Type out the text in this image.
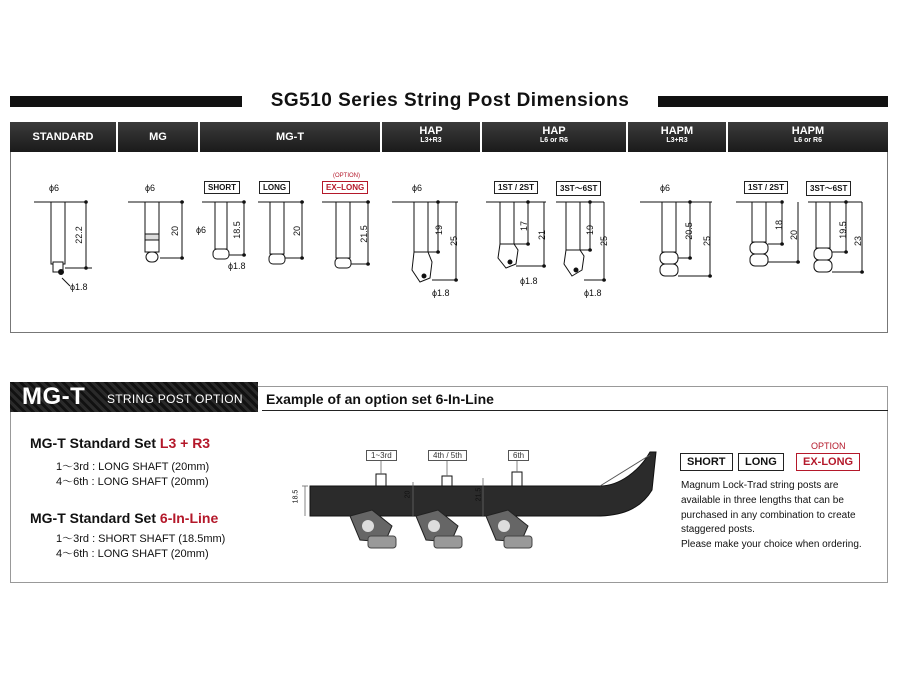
SG510 Series String Post Dimensions
STANDARD	MG	MG-T	HAP
L3+R3
HAP
L6 or R6
HAPM
L3+R3
HAPM
L6 or R6
ϕ6
22.2
ϕ1.8
ϕ6
20
SHORT	LONG
(OPTION)
EX–LONG
ϕ6	18.5
ϕ1.8
20	21.5
ϕ6
19
25
ϕ1.8
1ST / 2ST	3ST～6ST
17
21	19
25
ϕ1.8
ϕ1.8
ϕ6
20.5
25
1ST / 2ST	3ST～6ST
18
20	19.5
23
MG-T STRING POST OPTION Example of an option set 6-In-Line
MG-T Standard Set L3 + R3
1～3rd : LONG SHAFT (20mm)
4～6th : LONG SHAFT (20mm)
MG-T Standard Set 6-In-Line
1～3rd : SHORT SHAFT (18.5mm)
4～6th : LONG SHAFT (20mm)
1~3rd	4th / 5th	6th
18.5	20	21.5
OPTION
SHORT	LONG	EX-LONG
Magnum Lock-Trad string posts are
available in three lengths that can be
purchased in any combination to create
staggered posts.
Please make your choice when ordering.
